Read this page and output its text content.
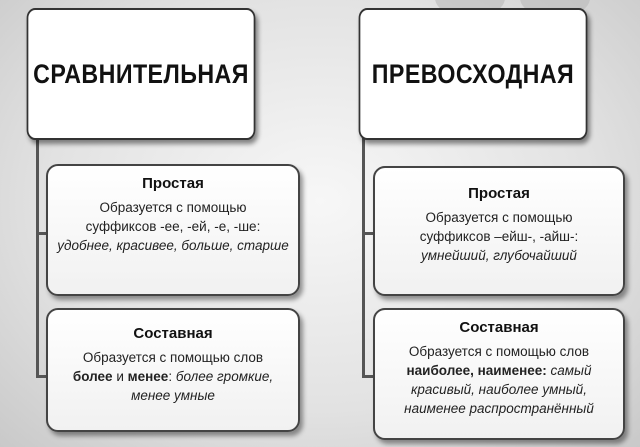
СРАВНИТЕЛЬНАЯ	ПРЕВОСХОДНАЯ
Простая
Образуется с помощью
суффиксов -ее, -ей, -е, -ше:
удобнее, красивее, больше, старше
Составная
Образуется с помощью слов
более и менее: более громкие, менее умные
Простая
Образуется с помощью
суффиксов –ейш-, -айш-:
умнейший, глубочайший
Составная
Образуется с помощью слов
наиболее, наименее: самый красивый, наиболее умный, наименее распространённый
